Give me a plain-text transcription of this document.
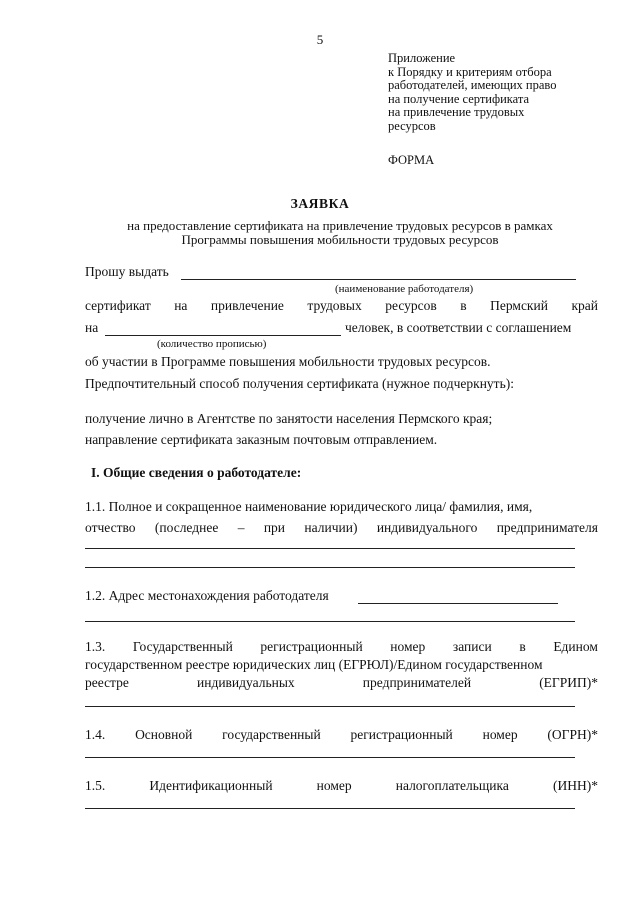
5
Приложение
к Порядку и критериям отбора
работодателей, имеющих право
на получение сертификата
на привлечение трудовых
ресурсов
ФОРМА
ЗАЯВКА
на предоставление сертификата на привлечение трудовых ресурсов в рамках
Программы повышения мобильности трудовых ресурсов
Прошу выдать
(наименование работодателя)
сертификат на привлечение трудовых ресурсов в Пермский край
на	человек, в соответствии с соглашением
(количество прописью)
об участии в Программе повышения мобильности трудовых ресурсов.
Предпочтительный способ получения сертификата (нужное подчеркнуть):
получение лично в Агентстве по занятости населения Пермского края;
направление сертификата заказным почтовым отправлением.
I. Общие сведения о работодателе:
1.1. Полное и сокращенное наименование юридического лица/ фамилия, имя,
отчество (последнее – при наличии) индивидуального предпринимателя
1.2. Адрес местонахождения работодателя
1.3. Государственный регистрационный номер записи в Едином
государственном реестре юридических лиц (ЕГРЮЛ)/Едином государственном
реестре	индивидуальных	предпринимателей	(ЕГРИП)*
1.4. Основной государственный регистрационный номер (ОГРН)*
1.5.	Идентификационный	номер	налогоплательщика	(ИНН)*
